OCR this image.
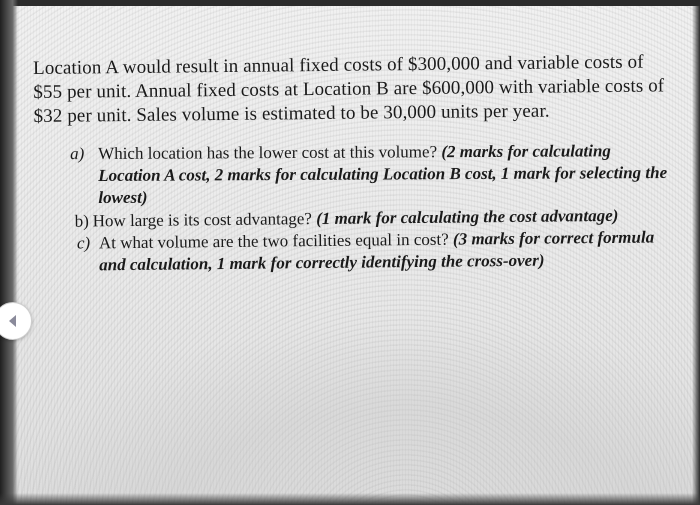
Location A would result in annual fixed costs of $300,000 and variable costs of $55 per unit. Annual fixed costs at Location B are $600,000 with variable costs of $32 per unit. Sales volume is estimated to be 30,000 units per year.

a) Which location has the lower cost at this volume? (2 marks for calculating Location A cost, 2 marks for calculating Location B cost, 1 mark for selecting the lowest)

b) How large is its cost advantage? (1 mark for calculating the cost advantage)

c) At what volume are the two facilities equal in cost? (3 marks for correct formula and calculation, 1 mark for correctly identifying the cross-over)
